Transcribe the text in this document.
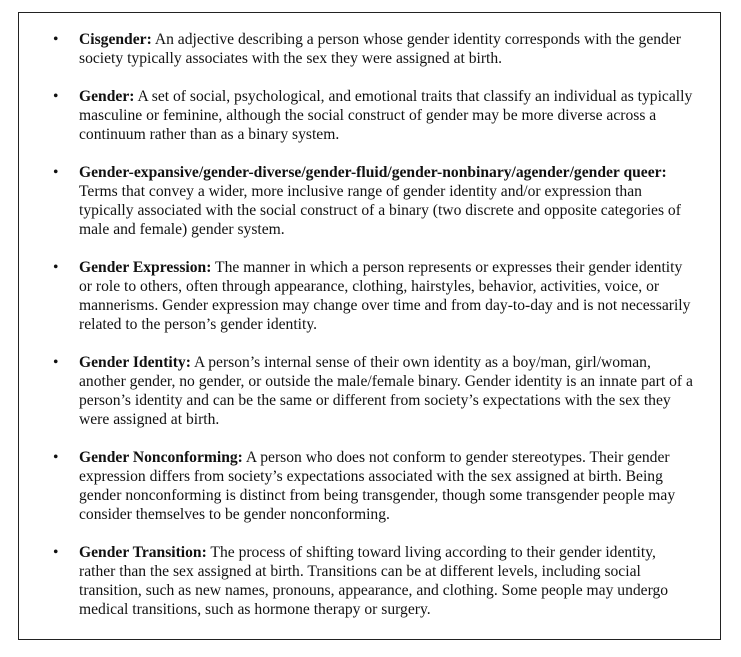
• Cisgender: An adjective describing a person whose gender identity corresponds with the gender society typically associates with the sex they were assigned at birth.
• Gender: A set of social, psychological, and emotional traits that classify an individual as typically masculine or feminine, although the social construct of gender may be more diverse across a continuum rather than as a binary system.
• Gender-expansive/gender-diverse/gender-fluid/gender-nonbinary/agender/gender queer: Terms that convey a wider, more inclusive range of gender identity and/or expression than typically associated with the social construct of a binary (two discrete and opposite categories of male and female) gender system.
• Gender Expression: The manner in which a person represents or expresses their gender identity or role to others, often through appearance, clothing, hairstyles, behavior, activities, voice, or mannerisms. Gender expression may change over time and from day-to-day and is not necessarily related to the person’s gender identity.
• Gender Identity: A person’s internal sense of their own identity as a boy/man, girl/woman, another gender, no gender, or outside the male/female binary. Gender identity is an innate part of a person’s identity and can be the same or different from society’s expectations with the sex they were assigned at birth.
• Gender Nonconforming: A person who does not conform to gender stereotypes. Their gender expression differs from society’s expectations associated with the sex assigned at birth. Being gender nonconforming is distinct from being transgender, though some transgender people may consider themselves to be gender nonconforming.
• Gender Transition: The process of shifting toward living according to their gender identity, rather than the sex assigned at birth. Transitions can be at different levels, including social transition, such as new names, pronouns, appearance, and clothing. Some people may undergo medical transitions, such as hormone therapy or surgery.
